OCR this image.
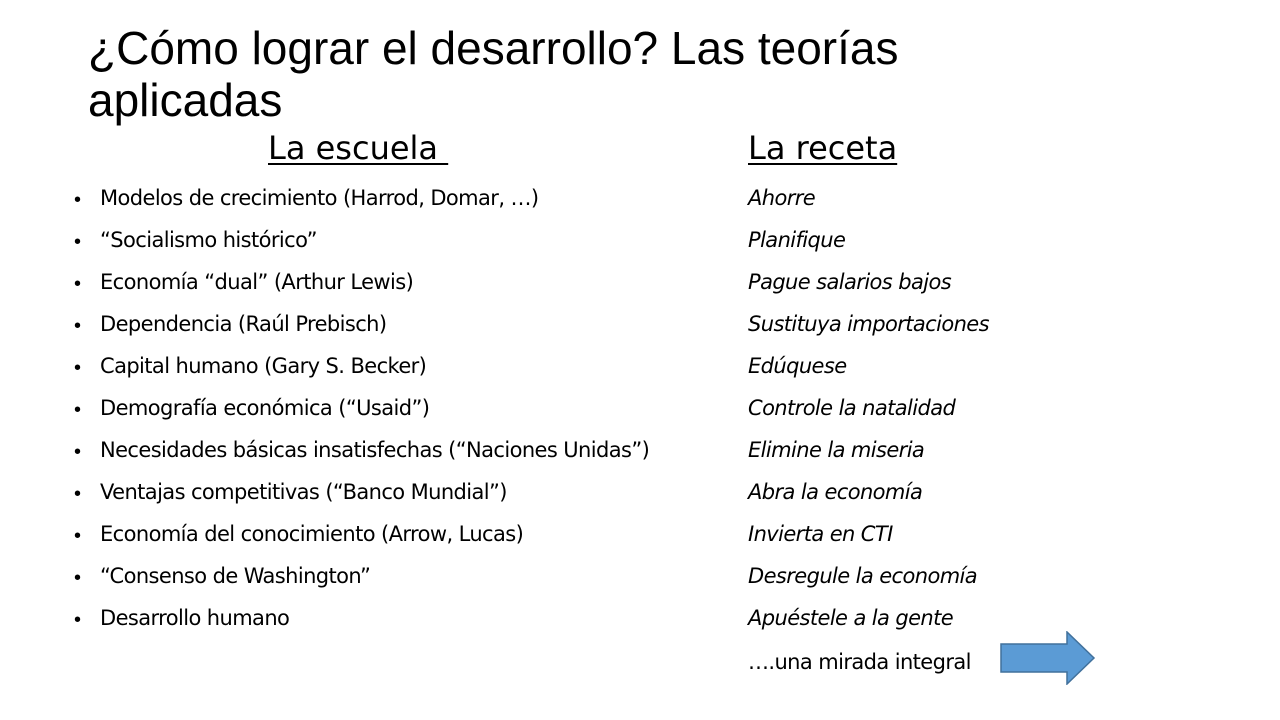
¿Cómo lograr el desarrollo? Las teorías aplicadas
La escuela	La receta
• Modelos de crecimiento (Harrod, Domar, …)	Ahorre
• “Socialismo histórico”	Planifique
• Economía “dual” (Arthur Lewis)	Pague salarios bajos
• Dependencia (Raúl Prebisch)	Sustituya importaciones
• Capital humano (Gary S. Becker)	Edúquese
• Demografía económica (“Usaid”)	Controle la natalidad
• Necesidades básicas insatisfechas (“Naciones Unidas”)	Elimine la miseria
• Ventajas competitivas (“Banco Mundial”)	Abra la economía
• Economía del conocimiento (Arrow, Lucas)	Invierta en CTI
• “Consenso de Washington”	Desregule la economía
• Desarrollo humano	Apuéstele a la gente
….una mirada integral
